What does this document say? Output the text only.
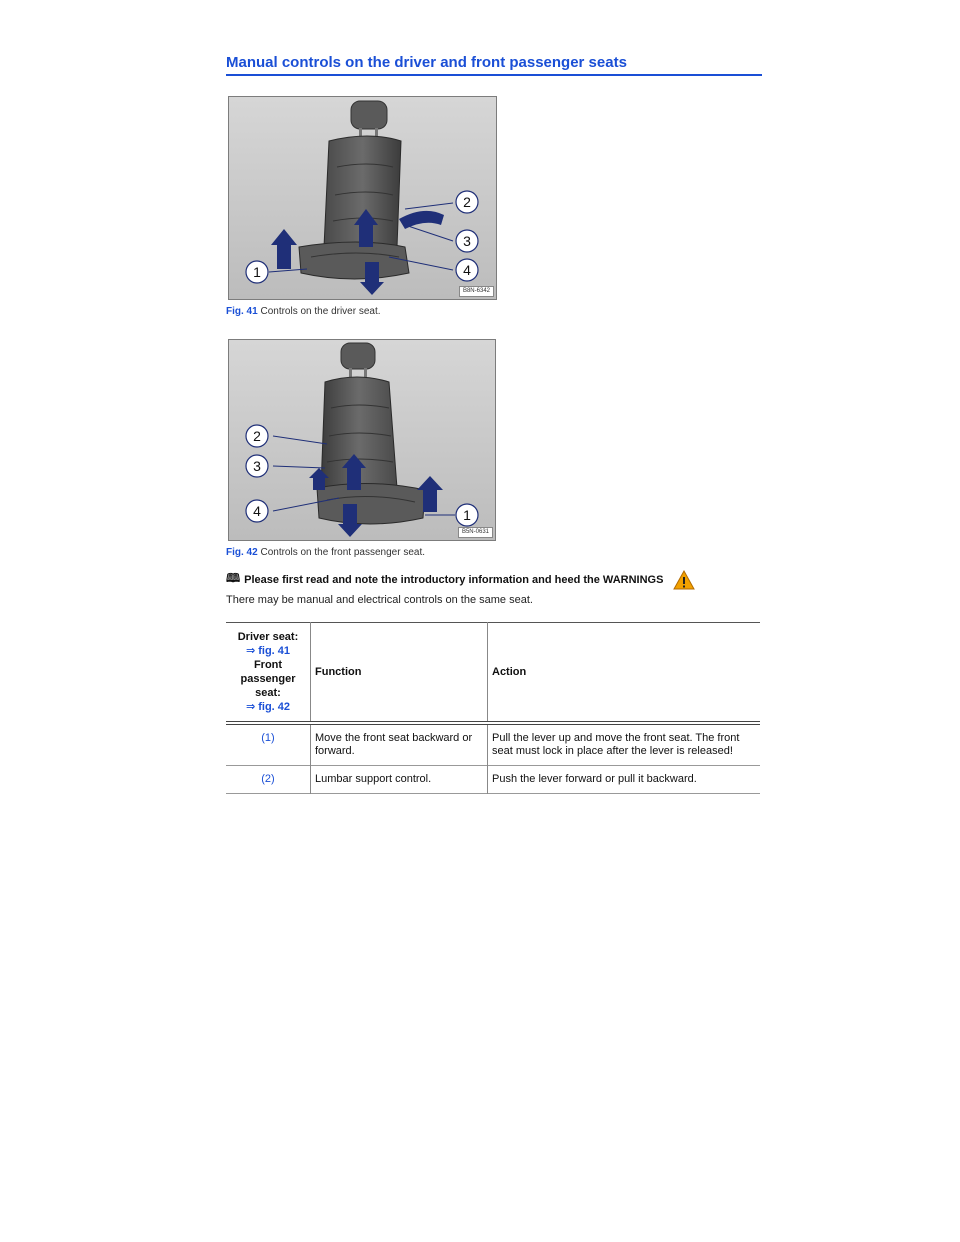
Manual controls on the driver and front passenger seats
1
2
3
4
B8N-6342
Fig. 41 Controls on the driver seat.
1
2
3
4
B5N-0631
Fig. 42 Controls on the front passenger seat.
🕮 Please first read and note the introductory information and heed the WARNINGS
There may be manual and electrical controls on the same seat.
Driver seat:
⇒ fig. 41
Front passenger seat:
⇒ fig. 42	Function	Action
(1)	Move the front seat backward or forward.	Pull the lever up and move the front seat. The front seat must lock in place after the lever is released!
(2)	Lumbar support control.	Push the lever forward or pull it backward.
